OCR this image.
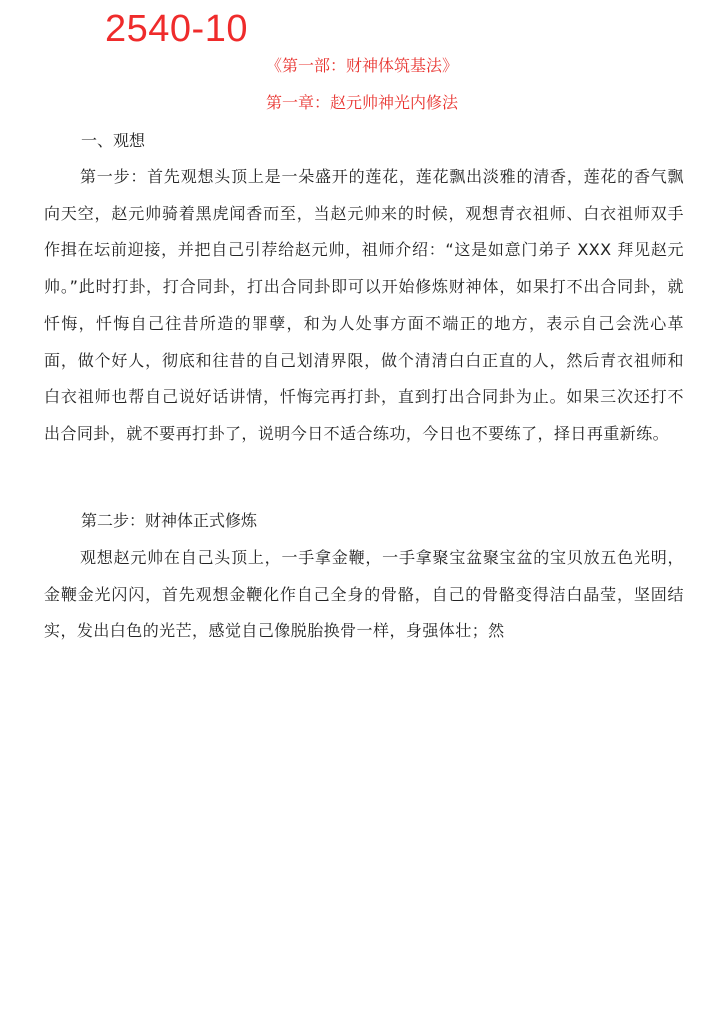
2540-10
《第一部：财神体筑基法》
第一章：赵元帅神光内修法
一、观想

第一步：首先观想头顶上是一朵盛开的莲花，莲花飘出淡雅的清香，莲花的香气飘向天空，赵元帅骑着黑虎闻香而至，当赵元帅来的时候，观想青衣祖师、白衣祖师双手作揖在坛前迎接，并把自己引荐给赵元帅，祖师介绍：“这是如意门弟子 XXX 拜见赵元帅。”此时打卦，打合同卦，打出合同卦即可以开始修炼财神体，如果打不出合同卦，就忏悔，忏悔自己往昔所造的罪孽，和为人处事方面不端正的地方，表示自己会洗心革面，做个好人，彻底和往昔的自己划清界限，做个清清白白正直的人，然后青衣祖师和白衣祖师也帮自己说好话讲情，忏悔完再打卦，直到打出合同卦为止。如果三次还打不出合同卦，就不要再打卦了，说明今日不适合练功，今日也不要练了，择日再重新练。

第二步：财神体正式修炼

观想赵元帅在自己头顶上，一手拿金鞭，一手拿聚宝盆聚宝盆的宝贝放五色光明，金鞭金光闪闪，首先观想金鞭化作自己全身的骨骼，自己的骨骼变得洁白晶莹，坚固结实，发出白色的光芒，感觉自己像脱胎换骨一样，身强体壮；然
